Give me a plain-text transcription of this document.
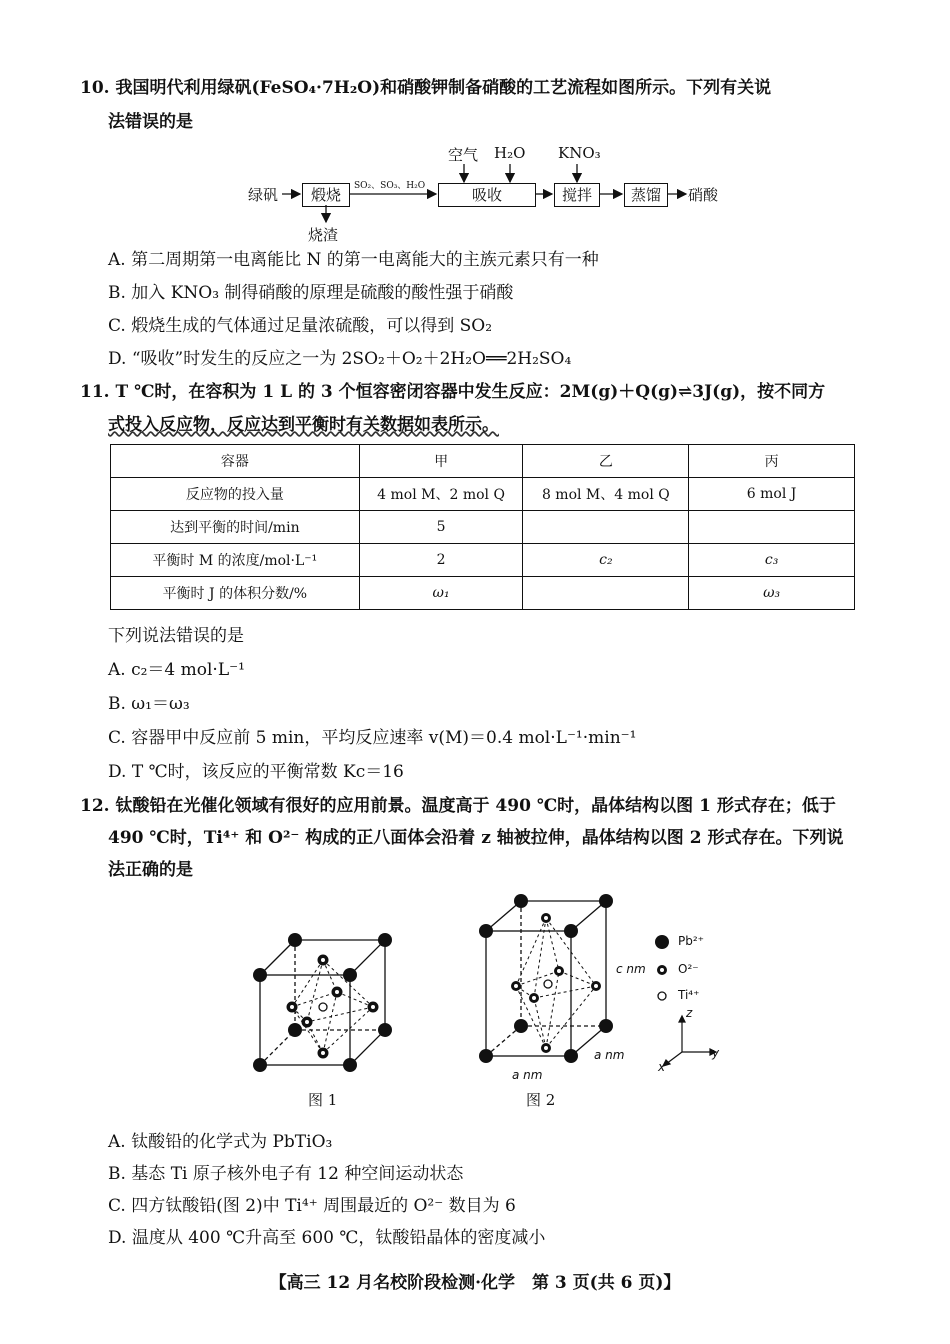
10. 我国明代利用绿矾(FeSO₄·7H₂O)和硝酸钾制备硝酸的工艺流程如图所示。下列有关说
法错误的是
绿矾	煅烧	SO₂、SO₃、H₂O	吸收	搅拌	蒸馏	硝酸
烧渣
空气 H₂O KNO₃
A. 第二周期第一电离能比 N 的第一电离能大的主族元素只有一种
B. 加入 KNO₃ 制得硝酸的原理是硫酸的酸性强于硝酸
C. 煅烧生成的气体通过足量浓硫酸，可以得到 SO₂
D. “吸收”时发生的反应之一为 2SO₂＋O₂＋2H₂O══2H₂SO₄
11. T ℃时，在容积为 1 L 的 3 个恒容密闭容器中发生反应：2M(g)＋Q(g)⇌3J(g)，按不同方
式投入反应物，反应达到平衡时有关数据如表所示。
容器	甲	乙	丙
反应物的投入量	4 mol M、2 mol Q	8 mol M、4 mol Q	6 mol J
达到平衡的时间/min	5		
平衡时 M 的浓度/mol·L⁻¹	2	c₂	c₃
平衡时 J 的体积分数/%	ω₁		ω₃
下列说法错误的是
A. c₂＝4 mol·L⁻¹
B. ω₁＝ω₃
C. 容器甲中反应前 5 min，平均反应速率 v(M)＝0.4 mol·L⁻¹·min⁻¹
D. T ℃时，该反应的平衡常数 Kc＝16
12. 钛酸铅在光催化领域有很好的应用前景。温度高于 490 ℃时，晶体结构以图 1 形式存在；低于
490 ℃时，Ti⁴⁺ 和 O²⁻ 构成的正八面体会沿着 z 轴被拉伸，晶体结构以图 2 形式存在。下列说
法正确的是
图 1
c nm
a nm
a nm
图 2
Pb²⁺
O²⁻
Ti⁴⁺
z
y
x
A. 钛酸铅的化学式为 PbTiO₃
B. 基态 Ti 原子核外电子有 12 种空间运动状态
C. 四方钛酸铅(图 2)中 Ti⁴⁺ 周围最近的 O²⁻ 数目为 6
D. 温度从 400 ℃升高至 600 ℃，钛酸铅晶体的密度减小
【高三 12 月名校阶段检测·化学　第 3 页(共 6 页)】
